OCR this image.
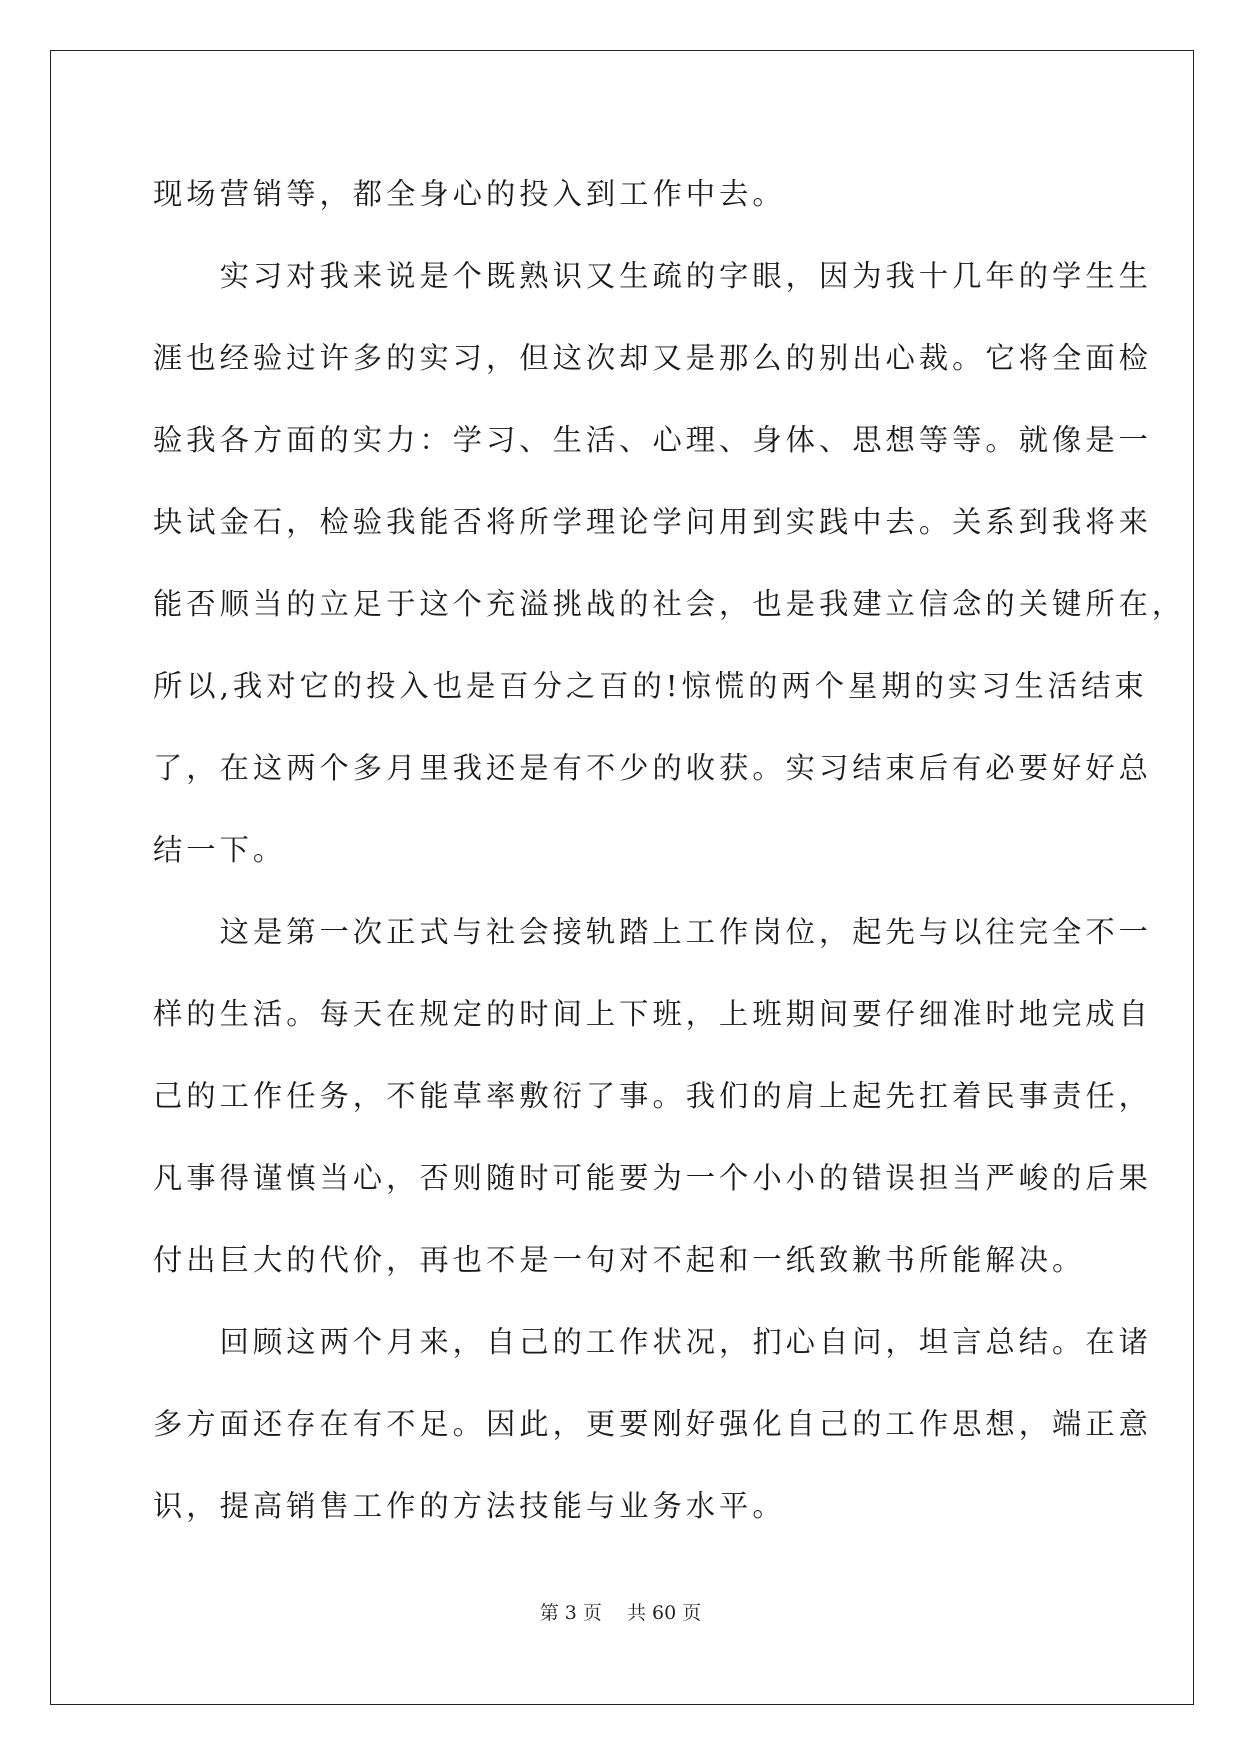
现场营销等，都全身心的投入到工作中去。
　　实习对我来说是个既熟识又生疏的字眼，因为我十几年的学生生
涯也经验过许多的实习，但这次却又是那么的别出心裁。它将全面检
验我各方面的实力：学习、生活、心理、身体、思想等等。就像是一
块试金石，检验我能否将所学理论学问用到实践中去。关系到我将来
能否顺当的立足于这个充溢挑战的社会，也是我建立信念的关键所在，
所以,我对它的投入也是百分之百的!惊慌的两个星期的实习生活结束
了，在这两个多月里我还是有不少的收获。实习结束后有必要好好总
结一下。
　　这是第一次正式与社会接轨踏上工作岗位，起先与以往完全不一
样的生活。每天在规定的时间上下班，上班期间要仔细准时地完成自
己的工作任务，不能草率敷衍了事。我们的肩上起先扛着民事责任，
凡事得谨慎当心，否则随时可能要为一个小小的错误担当严峻的后果
付出巨大的代价，再也不是一句对不起和一纸致歉书所能解决。
　　回顾这两个月来，自己的工作状况，扪心自问，坦言总结。在诸
多方面还存在有不足。因此，更要刚好强化自己的工作思想，端正意
识，提高销售工作的方法技能与业务水平。
第 3 页　 共 60 页
